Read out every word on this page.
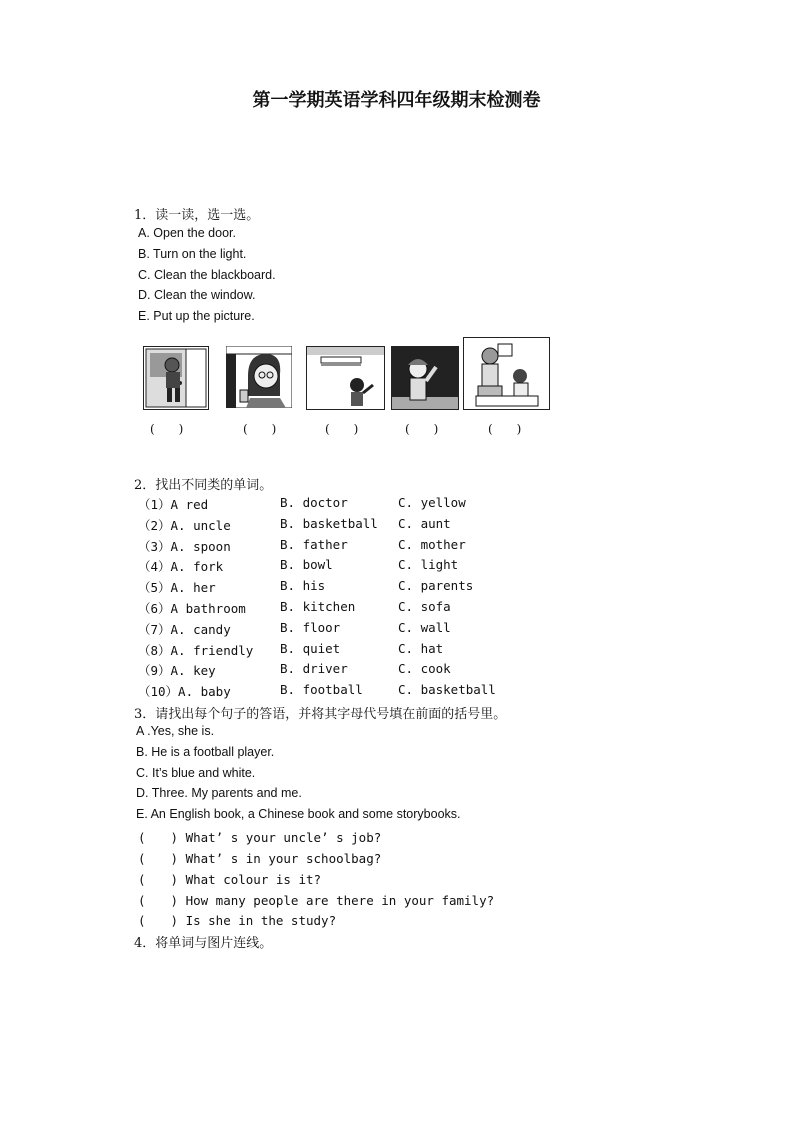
第一学期英语学科四年级期末检测卷
1．读一读，选一选。
A. Open the door.
B. Turn on the light.
C. Clean the blackboard.
D. Clean the window.
E. Put up the picture.
(　　)	(　　)	(　　)	(　　)	(　　)
2．找出不同类的单词。
（1）A red	B. doctor	C. yellow
（2）A. uncle	B. basketball C. aunt
（3）A. spoon	B. father	C. mother
（4）A. fork	B. bowl	C. light
（5）A. her	B. his	C. parents
（6）A bathroom	B. kitchen	C. sofa
（7）A. candy	B. floor	C. wall
（8）A. friendly B. quiet	C. hat
（9）A. key	B. driver	C. cook
（10）A. baby	B. football	C. basketball
3．请找出每个句子的答语，并将其字母代号填在前面的括号里。
A .Yes, she is.
B. He is a football player.
C. It’s blue and white.
D. Three. My parents and me.
E. An English book, a Chinese book and some storybooks.
(　　) What’ s your uncle’ s job?
(　　) What’ s in your schoolbag?
(　　) What colour is it?
(　　) How many people are there in your family?
(　　) Is she in the study?
4．将单词与图片连线。
